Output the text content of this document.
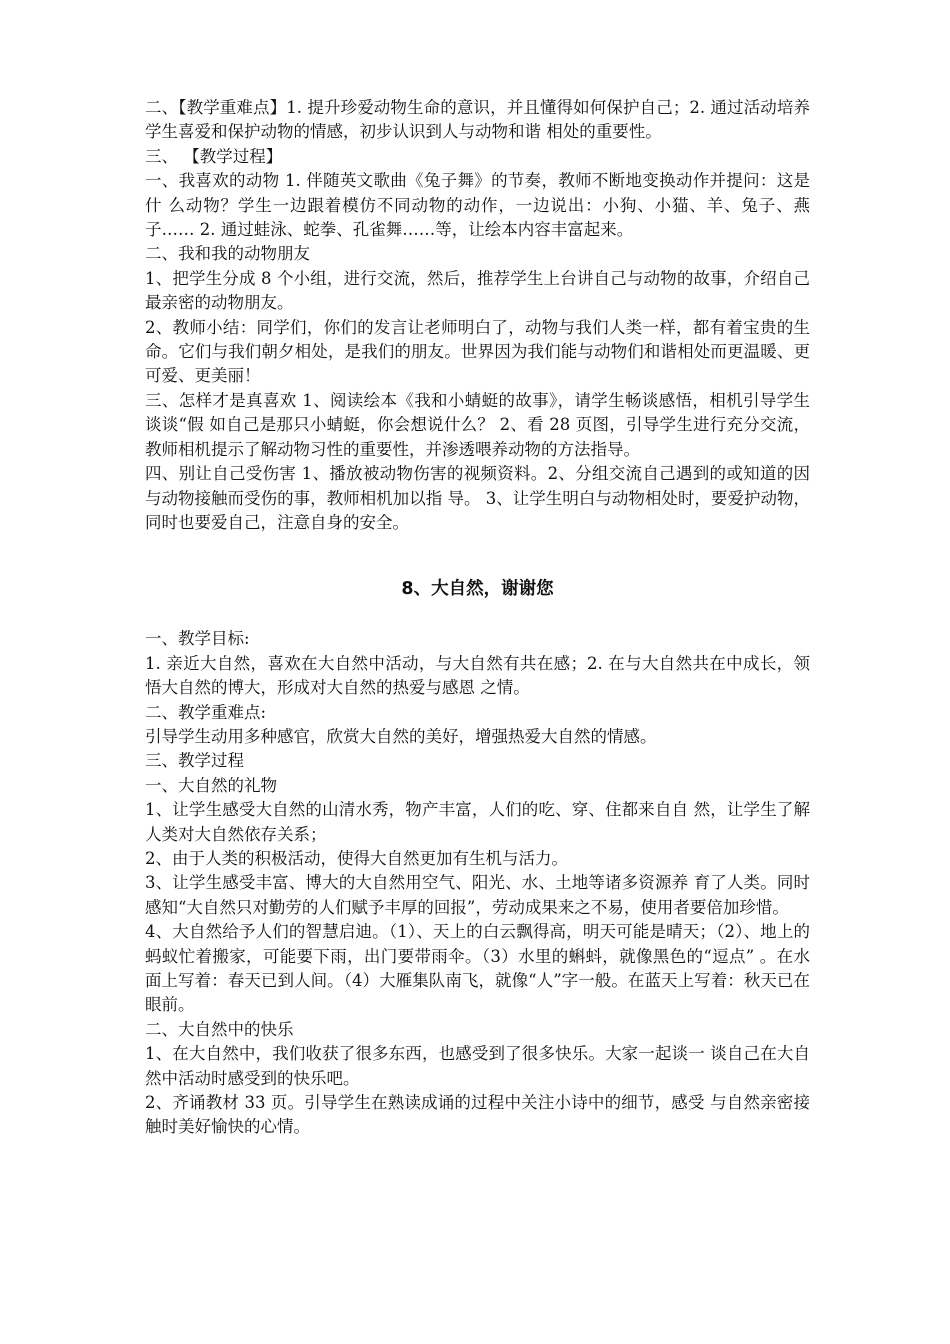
二、【教学重难点】1. 提升珍爱动物生命的意识，并且懂得如何保护自己；2. 通过活动培养学生喜爱和保护动物的情感，初步认识到人与动物和谐 相处的重要性。

三、 【教学过程】

一、我喜欢的动物 1. 伴随英文歌曲《兔子舞》的节奏，教师不断地变换动作并提问：这是什 么动物？学生一边跟着模仿不同动物的动作，一边说出：小狗、小猫、羊、兔子、燕子…… 2. 通过蛙泳、蛇拳、孔雀舞……等，让绘本内容丰富起来。

二、我和我的动物朋友

1、把学生分成 8 个小组，进行交流，然后，推荐学生上台讲自己与动物的故事，介绍自己最亲密的动物朋友。

2、教师小结：同学们，你们的发言让老师明白了，动物与我们人类一样，都有着宝贵的生命。它们与我们朝夕相处，是我们的朋友。世界因为我们能与动物们和谐相处而更温暖、更可爱、更美丽！

三、怎样才是真喜欢 1、阅读绘本《我和小蜻蜓的故事》，请学生畅谈感悟，相机引导学生谈谈“假 如自己是那只小蜻蜓，你会想说什么？ 2、看 28 页图，引导学生进行充分交流，教师相机提示了解动物习性的重要性，并渗透喂养动物的方法指导。

四、别让自己受伤害 1、播放被动物伤害的视频资料。2、分组交流自己遇到的或知道的因与动物接触而受伤的事，教师相机加以指 导。 3、让学生明白与动物相处时，要爱护动物，同时也要爱自己，注意自身的安全。

8、大自然，谢谢您

一、教学目标:

1. 亲近大自然，喜欢在大自然中活动，与大自然有共在感；2. 在与大自然共在中成长，领悟大自然的博大，形成对大自然的热爱与感恩 之情。

二、教学重难点:

引导学生动用多种感官，欣赏大自然的美好，增强热爱大自然的情感。

三、教学过程

一、大自然的礼物

1、让学生感受大自然的山清水秀，物产丰富，人们的吃、穿、住都来自自 然，让学生了解人类对大自然依存关系；

2、由于人类的积极活动，使得大自然更加有生机与活力。

3、让学生感受丰富、博大的大自然用空气、阳光、水、土地等诸多资源养 育了人类。同时感知“大自然只对勤劳的人们赋予丰厚的回报”，劳动成果来之不易，使用者要倍加珍惜。

4、大自然给予人们的智慧启迪。（1）、天上的白云飘得高，明天可能是晴天；（2）、地上的蚂蚁忙着搬家，可能要下雨，出门要带雨伞。（3）水里的蝌蚪，就像黑色的“逗点” 。在水面上写着：春天已到人间。（4）大雁集队南飞，就像“人”字一般。在蓝天上写着：秋天已在眼前。

二、大自然中的快乐

1、在大自然中，我们收获了很多东西，也感受到了很多快乐。大家一起谈一 谈自己在大自然中活动时感受到的快乐吧。

2、齐诵教材 33 页。引导学生在熟读成诵的过程中关注小诗中的细节，感受 与自然亲密接触时美好愉快的心情。
